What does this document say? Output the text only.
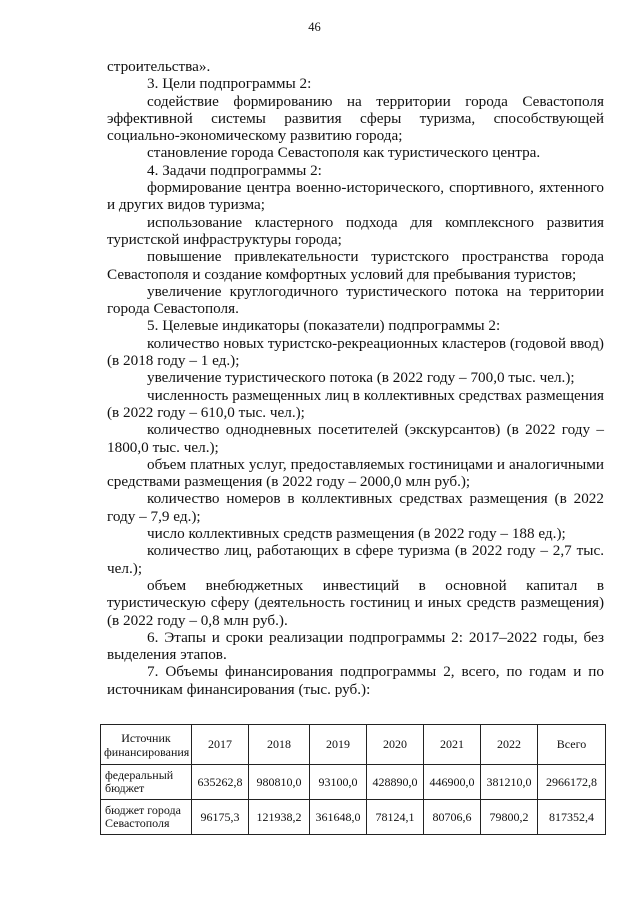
46

строительства».

3. Цели подпрограммы 2:

содействие формированию на территории города Севастополя эффективной системы развития сферы туризма, способствующей социально-экономическому развитию города;

становление города Севастополя как туристического центра.

4. Задачи подпрограммы 2:

формирование центра военно-исторического, спортивного, яхтенного и других видов туризма;

использование кластерного подхода для комплексного развития туристской инфраструктуры города;

повышение привлекательности туристского пространства города Севастополя и создание комфортных условий для пребывания туристов;

увеличение круглогодичного туристического потока на территории города Севастополя.

5. Целевые индикаторы (показатели) подпрограммы 2:

количество новых туристско-рекреационных кластеров (годовой ввод) (в 2018 году – 1 ед.);

увеличение туристического потока (в 2022 году – 700,0 тыс. чел.);

численность размещенных лиц в коллективных средствах размещения (в 2022 году – 610,0 тыс. чел.);

количество однодневных посетителей (экскурсантов) (в 2022 году – 1800,0 тыс. чел.);

объем платных услуг, предоставляемых гостиницами и аналогичными средствами размещения (в 2022 году – 2000,0 млн руб.);

количество номеров в коллективных средствах размещения (в 2022 году – 7,9 ед.);

число коллективных средств размещения (в 2022 году – 188 ед.);

количество лиц, работающих в сфере туризма (в 2022 году – 2,7 тыс. чел.);

объем внебюджетных инвестиций в основной капитал в туристическую сферу (деятельность гостиниц и иных средств размещения) (в 2022 году – 0,8 млн руб.).

6. Этапы и сроки реализации подпрограммы 2: 2017–2022 годы, без выделения этапов.

7. Объемы финансирования подпрограммы 2, всего, по годам и по источникам финансирования (тыс. руб.):

Источник финансирования	2017	2018	2019	2020	2021	2022	Всего
федеральный бюджет	635262,8	980810,0	93100,0	428890,0	446900,0	381210,0	2966172,8
бюджет города Севастополя	96175,3	121938,2	361648,0	78124,1	80706,6	79800,2	817352,4
